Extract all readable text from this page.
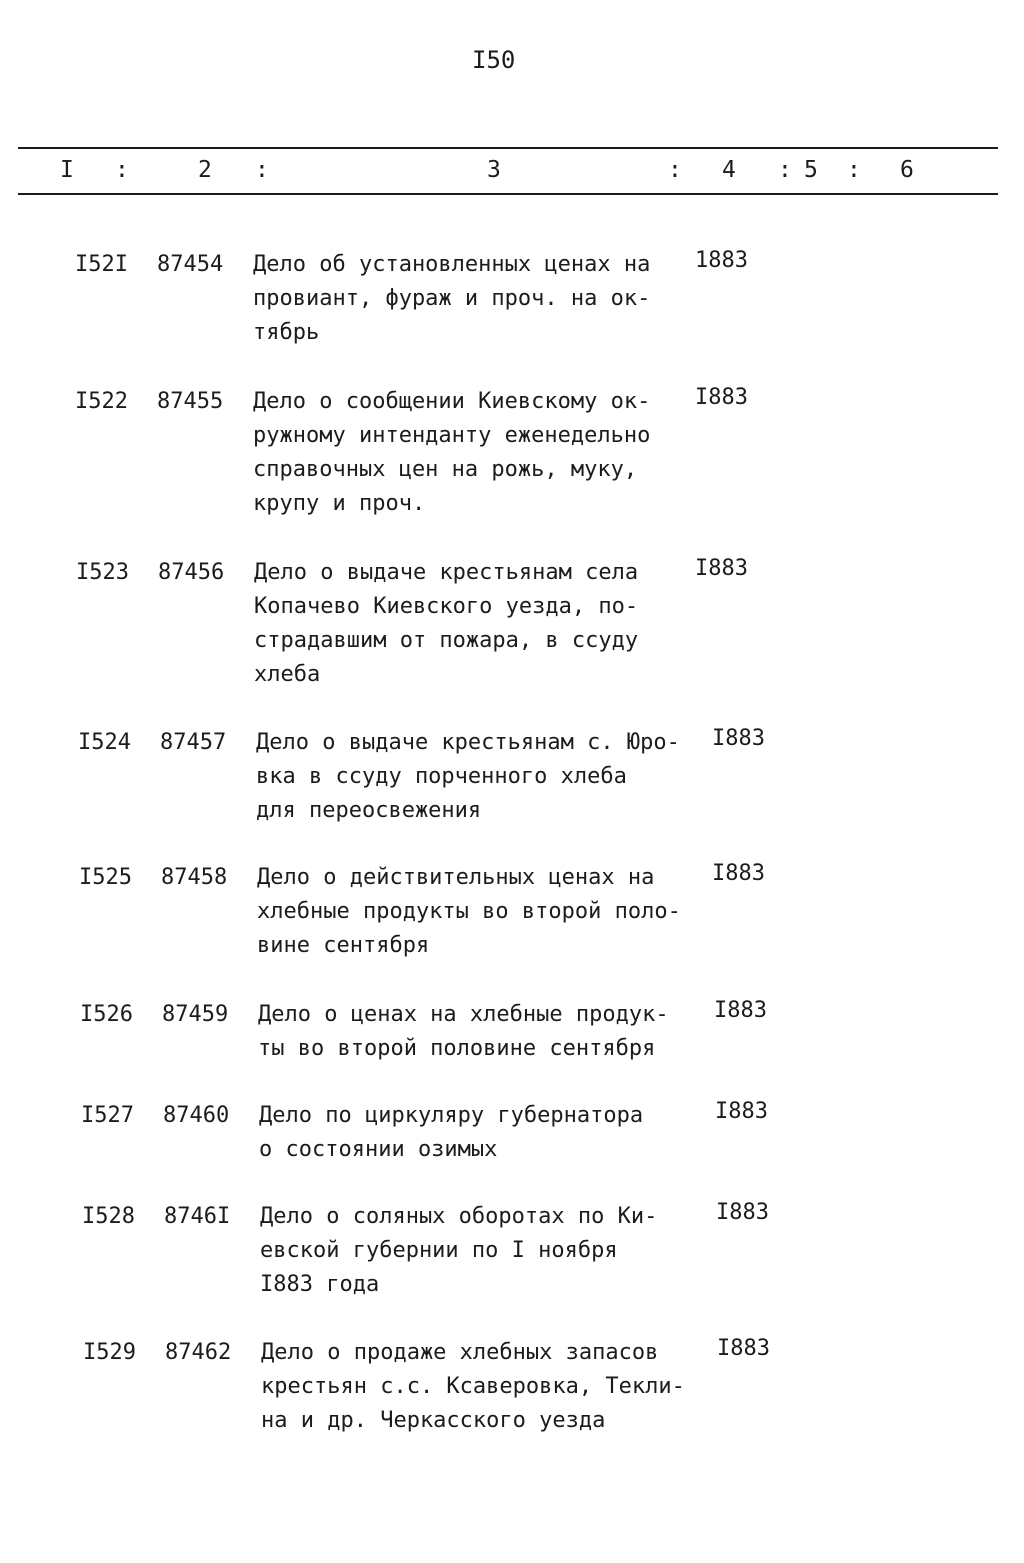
I50
I :	2 :	3	: 4 : 5 : 6
I52I 87454 Дело об установленных ценах на
провиант, фураж и проч. на ок-
тябрь
1883
I522 87455 Дело о сообщении Киевскому ок-
ружному интенданту еженедельно
справочных цен на рожь, муку,
крупу и проч.
I883
I523 87456 Дело о выдаче крестьянам села
Копачево Киевского уезда, по-
страдавшим от пожара, в ссуду
хлеба
I883
I524 87457 Дело о выдаче крестьянам с. Юро-
вка в ссуду порченного хлеба
для переосвежения
I883
I525 87458 Дело о действительных ценах на
хлебные продукты во второй поло-
вине сентября
I883
I526 87459 Дело о ценах на хлебные продук-
ты во второй половине сентября
I883
I527 87460 Дело по циркуляру губернатора
о состоянии озимых
I883
I528 8746I Дело о соляных оборотах по Ки-
евской губернии по I ноября
I883 года
I883
I529 87462 Дело о продаже хлебных запасов
крестьян с.с. Ксаверовка, Текли-
на и др. Черкасского уезда
I883
